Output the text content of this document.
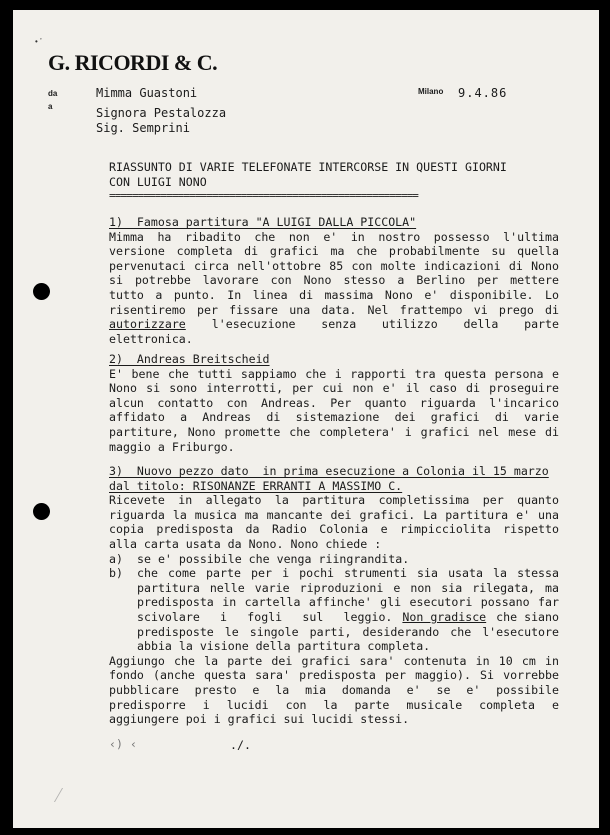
• ’
G. RICORDI & C.
da	Mimma Guastoni	Milano 9.4.86
a	Signora Pestalozza
Sig. Semprini
RIASSUNTO DI VARIE TELEFONATE INTERCORSE IN QUESTI GIORNI
CON LUIGI NONO
======================================================
1)  Famosa partitura "A LUIGI DALLA PICCOLA"
Mimma ha ribadito che non e' in nostro possesso l'ultima
versione completa di grafici ma che probabilmente su quella
pervenutaci circa nell'ottobre 85 con molte indicazioni di Nono
si potrebbe lavorare con Nono stesso a Berlino per mettere
tutto a punto. In linea di massima Nono e' disponibile. Lo
risentiremo per fissare una data. Nel frattempo vi prego di
autorizzare l'esecuzione senza utilizzo della parte
elettronica.
2)  Andreas Breitscheid
E' bene che tutti sappiamo che i rapporti tra questa persona e
Nono si sono interrotti, per cui non e' il caso di proseguire
alcun contatto con Andreas. Per quanto riguarda l'incarico
affidato a Andreas di sistemazione dei grafici di varie
partiture, Nono promette che completera' i grafici nel mese di
maggio a Friburgo.
3)  Nuovo pezzo dato  in prima esecuzione a Colonia il 15 marzo
dal titolo: RISONANZE ERRANTI A MASSIMO C.
Ricevete in allegato la partitura completissima per quanto
riguarda la musica ma mancante dei grafici. La partitura e' una
copia predisposta da Radio Colonia e rimpicciolita rispetto
alla carta usata da Nono. Nono chiede :
a)	se e' possibile che venga riingrandita.
b)	che come parte per i pochi strumenti sia usata la stessa
partitura nelle varie riproduzioni e non sia rilegata, ma
predisposta in cartella affinche' gli esecutori possano far
scivolare i fogli sul leggio. Non gradisce che siano
predisposte le singole parti, desiderando che l'esecutore
abbia la visione della partitura completa.
Aggiungo che la parte dei grafici sara' contenuta in 10 cm in
fondo (anche questa sara' predisposta per maggio). Si vorrebbe
pubblicare presto e la mia domanda e' se e' possibile
predisporre i lucidi con la parte musicale completa e
aggiungere poi i grafici sui lucidi stessi.
‹) ‹	./.
